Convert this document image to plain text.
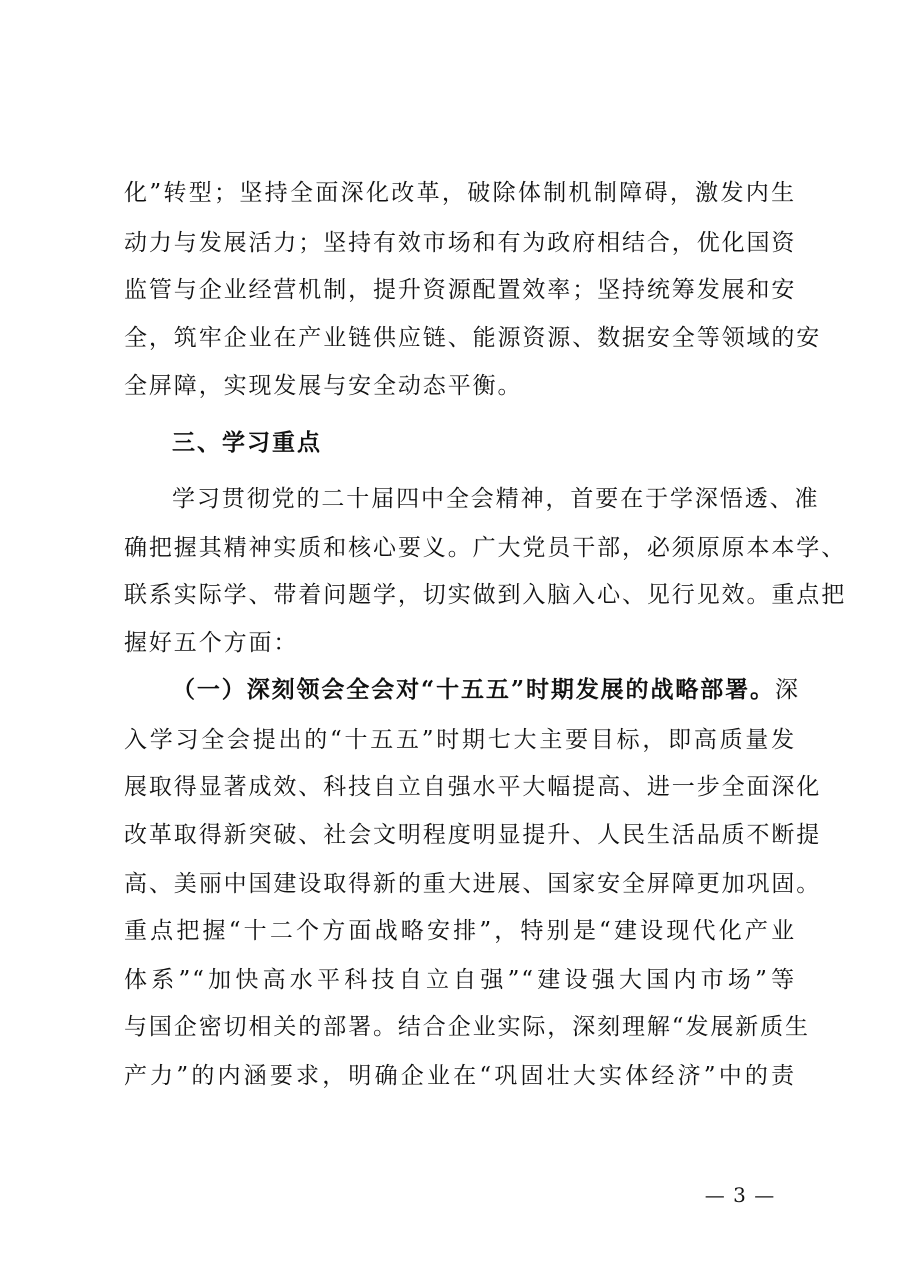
化”转型；坚持全面深化改革，破除体制机制障碍，激发内生
动力与发展活力；坚持有效市场和有为政府相结合，优化国资
监管与企业经营机制，提升资源配置效率；坚持统筹发展和安
全，筑牢企业在产业链供应链、能源资源、数据安全等领域的安
全屏障，实现发展与安全动态平衡。
三、学习重点
学习贯彻党的二十届四中全会精神，首要在于学深悟透、准
确把握其精神实质和核心要义。广大党员干部，必须原原本本学、
联系实际学、带着问题学，切实做到入脑入心、见行见效。重点把
握好五个方面：
（一）深刻领会全会对“十五五”时期发展的战略部署。深
入学习全会提出的“十五五”时期七大主要目标，即高质量发
展取得显著成效、科技自立自强水平大幅提高、进一步全面深化
改革取得新突破、社会文明程度明显提升、人民生活品质不断提
高、美丽中国建设取得新的重大进展、国家安全屏障更加巩固。
重点把握“十二个方面战略安排”，特别是“建设现代化产业
体系”“加快高水平科技自立自强”“建设强大国内市场”等
与国企密切相关的部署。结合企业实际，深刻理解“发展新质生
产力”的内涵要求，明确企业在“巩固壮大实体经济”中的责
— 3 —
